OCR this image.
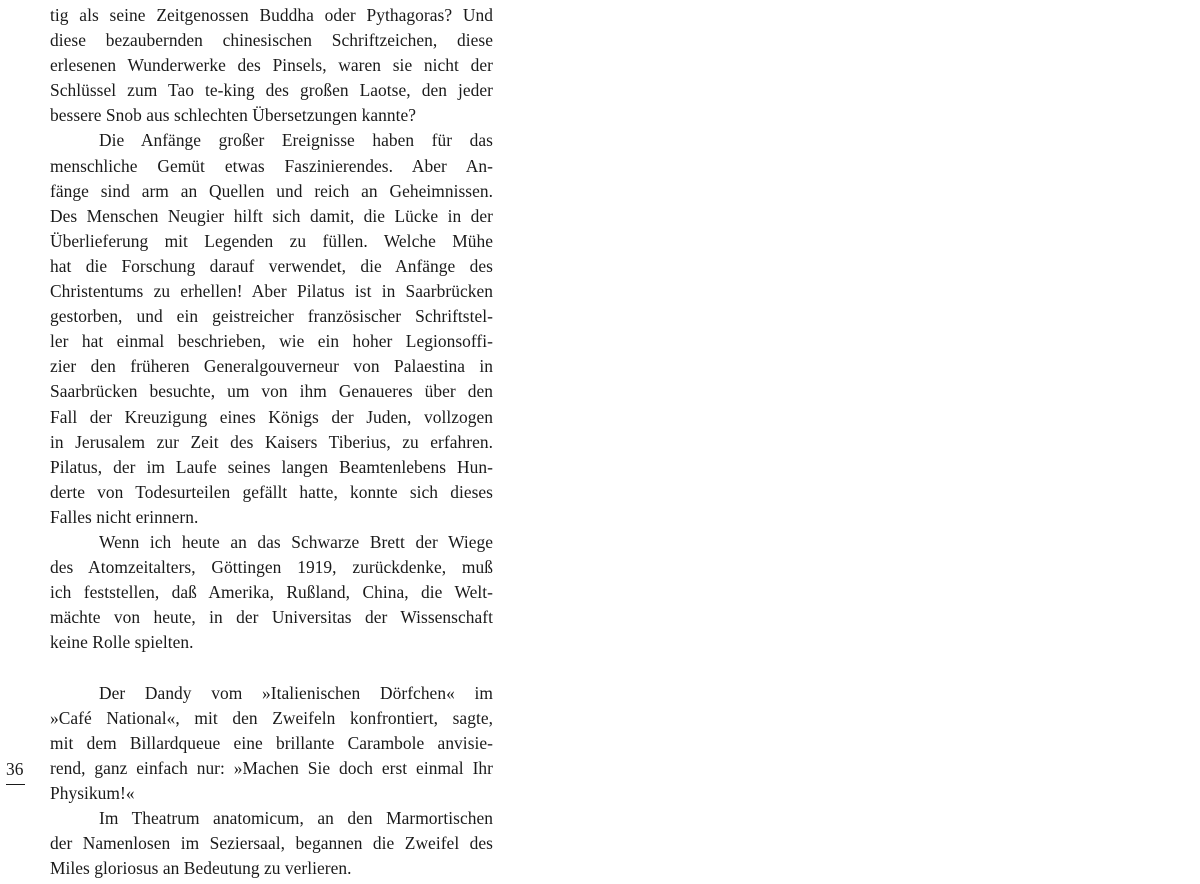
tig als seine Zeitgenossen Buddha oder Pythagoras? Und
diese bezaubernden chinesischen Schriftzeichen, diese
erlesenen Wunderwerke des Pinsels, waren sie nicht der
Schlüssel zum Tao te-king des großen Laotse, den jeder
bessere Snob aus schlechten Übersetzungen kannte?
Die Anfänge großer Ereignisse haben für das
menschliche Gemüt etwas Faszinierendes. Aber An-
fänge sind arm an Quellen und reich an Geheimnissen.
Des Menschen Neugier hilft sich damit, die Lücke in der
Überlieferung mit Legenden zu füllen. Welche Mühe
hat die Forschung darauf verwendet, die Anfänge des
Christentums zu erhellen! Aber Pilatus ist in Saarbrücken
gestorben, und ein geistreicher französischer Schriftstel-
ler hat einmal beschrieben, wie ein hoher Legionsoffi-
zier den früheren Generalgouverneur von Palaestina in
Saarbrücken besuchte, um von ihm Genaueres über den
Fall der Kreuzigung eines Königs der Juden, vollzogen
in Jerusalem zur Zeit des Kaisers Tiberius, zu erfahren.
Pilatus, der im Laufe seines langen Beamtenlebens Hun-
derte von Todesurteilen gefällt hatte, konnte sich dieses
Falles nicht erinnern.
Wenn ich heute an das Schwarze Brett der Wiege
des Atomzeitalters, Göttingen 1919, zurückdenke, muß
ich feststellen, daß Amerika, Rußland, China, die Welt-
mächte von heute, in der Universitas der Wissenschaft
keine Rolle spielten.
Der Dandy vom »Italienischen Dörfchen« im
»Café National«, mit den Zweifeln konfrontiert, sagte,
mit dem Billardqueue eine brillante Carambole anvisie-
rend, ganz einfach nur: »Machen Sie doch erst einmal Ihr
Physikum!«
Im Theatrum anatomicum, an den Marmortischen
der Namenlosen im Seziersaal, begannen die Zweifel des
Miles gloriosus an Bedeutung zu verlieren.
36
